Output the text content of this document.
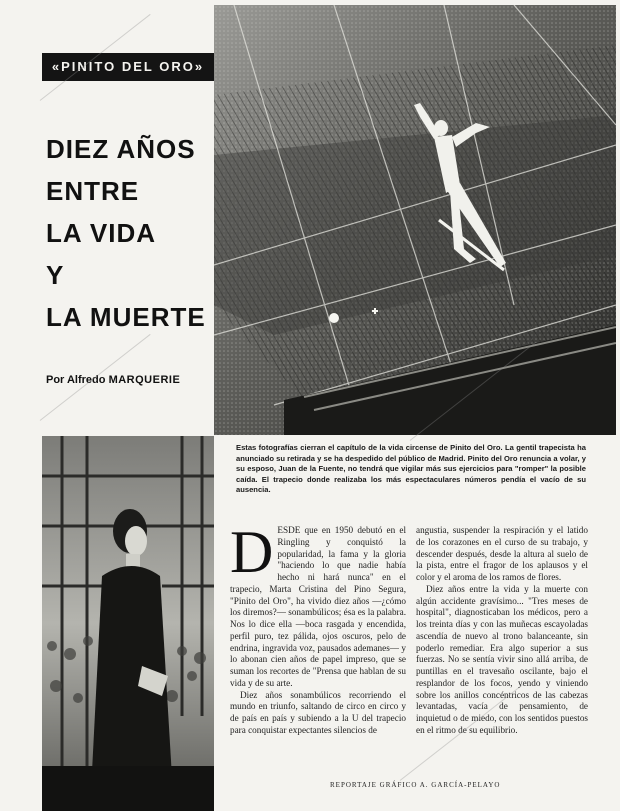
«PINITO DEL ORO»
DIEZ AÑOS
ENTRE
LA VIDA
Y
LA MUERTE
Por Alfredo MARQUERIE
Estas fotografías cierran el capítulo de la vida circense de Pinito del Oro. La gentil trapecista ha anunciado su retirada y se ha despedido del público de Madrid. Pinito del Oro renuncia a volar, y su esposo, Juan de la Fuente, no tendrá que vigilar más sus ejercicios para "romper" la posible caída. El trapecio donde realizaba los más espectaculares números pendía el vacío de su ausencia.
D ESDE que en 1950 debutó en el Ringling y conquistó la popularidad, la fama y la gloria "haciendo lo que nadie había hecho ni hará nunca" en el trapecio, Marta Cristina del Pino Segura, "Pinito del Oro", ha vivido diez años —¿cómo los diremos?— sonambúlicos; ésa es la palabra. Nos lo dice ella —boca rasgada y encendida, perfil puro, tez pálida, ojos oscuros, pelo de endrina, ingravida voz, pausados ademanes— y lo abonan cien años de papel impreso, que se suman los recortes de "Prensa que hablan de su vida y de su arte.

Diez años sonambúlicos recorriendo el mundo en triunfo, saltando de circo en circo y de país en país y subiendo a la U del trapecio para conquistar expectantes silencios de

angustia, suspender la respiración y el latido de los corazones en el curso de su trabajo, y descender después, desde la altura al suelo de la pista, entre el fragor de los aplausos y el color y el aroma de los ramos de flores.

Diez años entre la vida y la muerte con algún accidente gravísimo... "Tres meses de hospital", diagnosticaban los médicos, pero a los treinta días y con las muñecas escayoladas ascendía de nuevo al trono balanceante, sin poderlo remediar. Era algo superior a sus fuerzas. No se sentía vivir sino allá arriba, de puntillas en el travesaño oscilante, bajo el resplandor de los focos, yendo y viniendo sobre los anillos concéntricos de las cabezas levantadas, vacía de pensamiento, de inquietud o de miedo, con los sentidos puestos en el ritmo de su equilibrio.

REPORTAJE GRÁFICO A. GARCÍA-PELAYO
